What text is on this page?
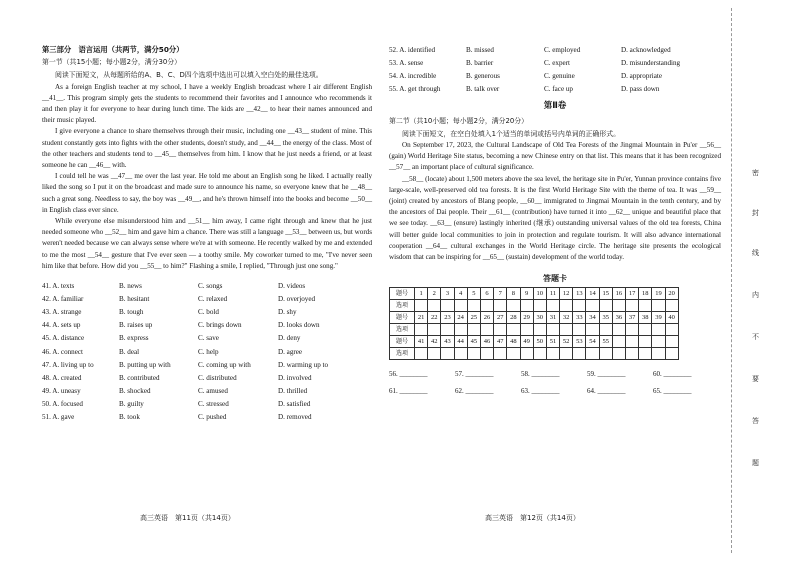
第三部分　语言运用（共两节，满分50分）
第一节（共15小题；每小题2分，满分30分）
阅读下面短文，从每题所给的A、B、C、D四个选项中选出可以填入空白处的最佳选项。
As a foreign English teacher at my school, I have a weekly English broadcast where I air different English __41__. This program simply gets the students to recommend their favorites and I announce who recommends it and then play it for everyone to hear during lunch time. The kids are __42__ to hear their names announced and their music played.
I give everyone a chance to share themselves through their music, including one __43__ student of mine. This student constantly gets into fights with the other students, doesn't study, and __44__ the energy of the class. Most of the other teachers and students tend to __45__ themselves from him. I know that he just needs a friend, or at least someone he can __46__ with.
I could tell he was __47__ me over the last year. He told me about an English song he liked. I actually really liked the song so I put it on the broadcast and made sure to announce his name, so everyone knew that he __48__ such a great song. Needless to say, the boy was __49__, and he's thrown himself into the books and become __50__ in English class ever since.
While everyone else misunderstood him and __51__ him away, I came right through and knew that he just needed someone who __52__ him and gave him a chance. There was still a language __53__ between us, but words weren't needed because we can always sense where we're at with someone. He recently walked by me and extended to me the most __54__ gesture that I've ever seen — a toothy smile. My coworker turned to me, "I've never seen him like that before. How did you __55__ to him?" Flashing a smile, I replied, "Through just one song."
41. A. texts	B. news	C. songs	D. videos
42. A. familiar	B. hesitant	C. relaxed	D. overjoyed
43. A. strange	B. tough	C. bold	D. shy
44. A. sets up	B. raises up	C. brings down	D. looks down
45. A. distance	B. express	C. save	D. deny
46. A. connect	B. deal	C. help	D. agree
47. A. living up to	B. putting up with	C. coming up with	D. warming up to
48. A. created	B. contributed	C. distributed	D. involved
49. A. uneasy	B. shocked	C. amused	D. thrilled
50. A. focused	B. guilty	C. stressed	D. satisfied
51. A. gave	B. took	C. pushed	D. removed
高三英语　第11页（共14页）
52. A. identified	B. missed	C. employed	D. acknowledged
53. A. sense	B. barrier	C. expert	D. misunderstanding
54. A. incredible	B. generous	C. genuine	D. appropriate
55. A. get through	B. talk over	C. face up	D. pass down
第Ⅱ卷
第二节（共10小题；每小题2分，满分20分）
阅读下面短文，在空白处填入1个适当的单词或括号内单词的正确形式。
On September 17, 2023, the Cultural Landscape of Old Tea Forests of the Jingmai Mountain in Pu'er __56__ (gain) World Heritage Site status, becoming a new Chinese entry on that list. This means that it has been recognized __57__ an important place of cultural significance.
__58__ (locate) about 1,500 meters above the sea level, the heritage site in Pu'er, Yunnan province contains five large-scale, well-preserved old tea forests. It is the first World Heritage Site with the theme of tea. It was __59__ (joint) created by ancestors of Blang people, __60__ immigrated to Jingmai Mountain in the tenth century, and by the ancestors of Dai people. Their __61__ (contribution) have turned it into __62__ unique and beautiful place that we see today. __63__ (ensure) lastingly inherited (继承) outstanding universal values of the old tea forests, China will better guide local communities to join in protection and regulate tourism. It will also advance international cooperation __64__ cultural exchanges in the World Heritage circle. The heritage site presents the ecological wisdom that can be inspiring for __65__ (sustain) development of the world today.
答题卡
题号	1	2	3	4	5	6	7	8	9	10	11	12	13	14	15	16	17	18	19	20
选项																				
题号	21	22	23	24	25	26	27	28	29	30	31	32	33	34	35	36	37	38	39	40
选项																				
题号	41	42	43	44	45	46	47	48	49	50	51	52	53	54	55					
选项																				
56. ________	57. ________	58. ________	59. ________	60. ________
61. ________	62. ________	63. ________	64. ________	65. ________
高三英语　第12页（共14页）
密
封
线
内
不
要
答
题
